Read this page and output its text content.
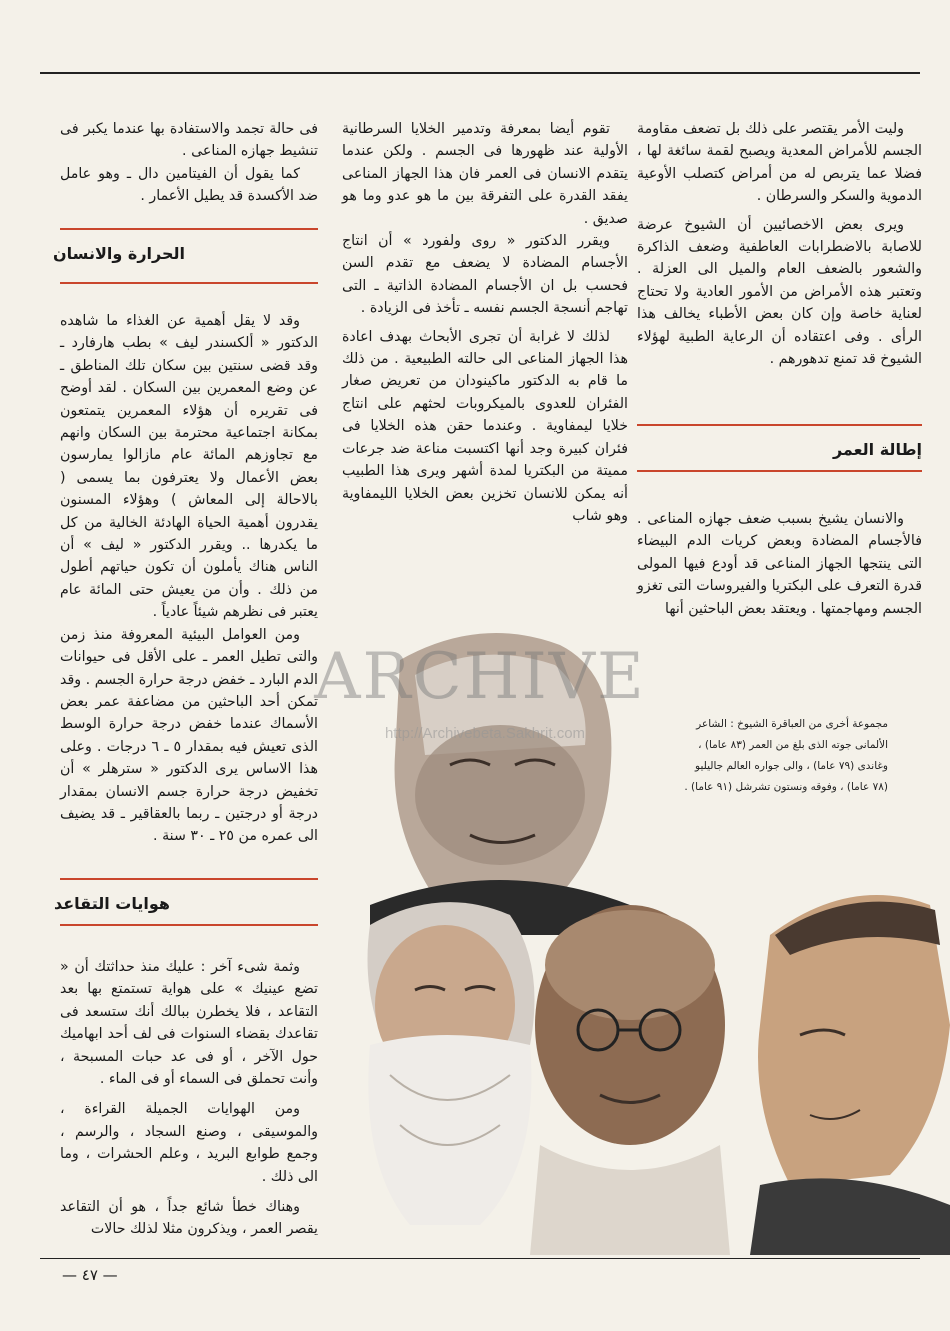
وليت الأمر يقتصر على ذلك بل تضعف مقاومة الجسم للأمراض المعدية ويصبح لقمة سائغة لها ، فضلا عما يتربص له من أمراض كتصلب الأوعية الدموية والسكر والسرطان .

ويرى بعض الاخصائيين أن الشيوخ عرضة للاصابة بالاضطرابات العاطفية وضعف الذاكرة والشعور بالضعف العام والميل الى العزلة . وتعتبر هذه الأمراض من الأمور العادية ولا تحتاج لعناية خاصة وإن كان بعض الأطباء يخالف هذا الرأى . وفى اعتقاده أن الرعاية الطبية لهؤلاء الشيوخ قد تمنع تدهورهم .

إطالة العمر

والانسان يشيخ بسبب ضعف جهازه المناعى . فالأجسام المضادة وبعض كريات الدم البيضاء التى ينتجها الجهاز المناعى قد أودع فيها المولى قدرة التعرف على البكتريا والفيروسات التى تغزو الجسم ومهاجمتها . ويعتقد بعض الباحثين أنها

تقوم أيضا بمعرفة وتدمير الخلايا السرطانية الأولية عند ظهورها فى الجسم . ولكن عندما يتقدم الانسان فى العمر فان هذا الجهاز المناعى يفقد القدرة على التفرقة بين ما هو عدو وما هو صديق .

ويقرر الدكتور « روى ولفورد » أن انتاج الأجسام المضادة لا يضعف مع تقدم السن فحسب بل ان الأجسام المضادة الذاتية ـ التى تهاجم أنسجة الجسم نفسه ـ تأخذ فى الزيادة .

لذلك لا غرابة أن تجرى الأبحاث بهدف اعادة هذا الجهاز المناعى الى حالته الطبيعية . من ذلك ما قام به الدكتور ماكينودان من تعريض صغار الفئران للعدوى بالميكروبات لحثهم على انتاج خلايا ليمفاوية . وعندما حقن هذه الخلايا فى فئران كبيرة وجد أنها اكتسبت مناعة ضد جرعات مميتة من البكتريا لمدة أشهر ويرى هذا الطبيب أنه يمكن للانسان تخزين بعض الخلايا الليمفاوية وهو شاب

فى حالة تجمد والاستفادة بها عندما يكبر فى تنشيط جهازه المناعى .

كما يقول أن الفيتامين دال ـ وهو عامل ضد الأكسدة قد يطيل الأعمار .

الحرارة والانسان

وقد لا يقل أهمية عن الغذاء ما شاهده الدكتور « ألكسندر ليف » بطب هارفارد ـ وقد قضى سنتين بين سكان تلك المناطق ـ عن وضع المعمرين بين السكان . لقد أوضح فى تقريره أن هؤلاء المعمرين يتمتعون بمكانة اجتماعية محترمة بين السكان وانهم مع تجاوزهم المائة عام مازالوا يمارسون بعض الأعمال ولا يعترفون بما يسمى ( بالاحالة إلى المعاش ) وهؤلاء المسنون يقدرون أهمية الحياة الهادئة الخالية من كل ما يكدرها .. ويقرر الدكتور « ليف » أن الناس هناك يأملون أن تكون حياتهم أطول من ذلك . وأن من يعيش حتى المائة عام يعتبر فى نظرهم شيئاً عادياً .

ومن العوامل البيئية المعروفة منذ زمن والتى تطيل العمر ـ على الأقل فى حيوانات الدم البارد ـ خفض درجة حرارة الجسم . وقد تمكن أحد الباحثين من مضاعفة عمر بعض الأسماك عندما خفض درجة حرارة الوسط الذى تعيش فيه بمقدار ٥ ـ ٦ درجات . وعلى هذا الاساس يرى الدكتور « سترهلر » أن تخفيض درجة حرارة جسم الانسان بمقدار درجة أو درجتين ـ ربما بالعقاقير ـ قد يضيف الى عمره من ٢٥ ـ ٣٠ سنة .

هوايات التقاعد

وثمة شىء آخر : عليك منذ حداثتك أن « تضع عينيك » على هواية تستمتع بها بعد التقاعد ، فلا يخطرن ببالك أنك ستسعد فى تقاعدك بقضاء السنوات فى لف أحد ابهاميك حول الآخر ، أو فى عد حبات المسبحة ، وأنت تحملق فى السماء أو فى الماء .

ومن الهوايات الجميلة القراءة ، والموسيقى ، وصنع السجاد ، والرسم ، وجمع طوابع البريد ، وعلم الحشرات ، وما الى ذلك .

وهناك خطأ شائع جداً ، هو أن التقاعد يقصر العمر ، ويذكرون مثلا لذلك حالات

مجموعة أخرى من العباقرة الشيوخ : الشاعر الألمانى جوته الذى بلغ من العمر (٨٣ عاما) ، وغاندى (٧٩ عاما) ، والى جواره العالم جاليليو (٧٨ عاما) ، وفوقه ونستون تشرشل (٩١ عاما) .
ARCHIVE
http://Archivebeta.Sakhrit.com
— ٤٧ —
